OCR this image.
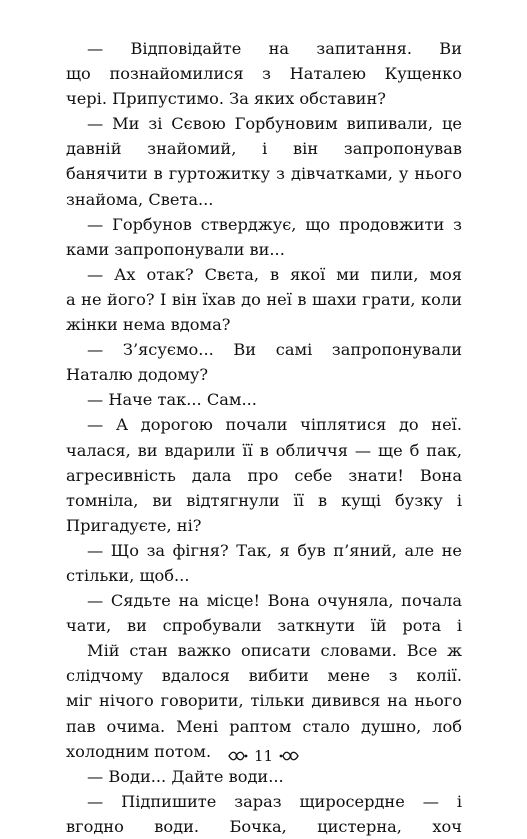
— Відповідайте на запитання. Ви
що познайомилися з Наталею Кущенко
чері. Припустимо. За яких обставин?
— Ми зі Сєвою Горбуновим випивали, це
давній знайомий, і він запропонував
банячити в гуртожитку з дівчатками, у нього
знайома, Света...
— Горбунов стверджує, що продовжити з
ками запропонували ви...
— Ах отак? Свєта, в якої ми пили, моя
а не його? І він їхав до неї в шахи грати, коли
жінки нема вдома?
— З’ясуємо... Ви самі запропонували
Наталю додому?
— Наче так... Сам...
— А дорогою почали чіплятися до неї.
чалася, ви вдарили її в обличчя — ще б пак,
агресивність дала про себе знати! Вона
томніла, ви відтягнули її в кущі бузку і
Пригадуєте, ні?
— Що за фігня? Так, я був п’яний, але не
стільки, щоб...
— Сядьте на місце! Вона очуняла, почала
чати, ви спробували заткнути їй рота і
Мій стан важко описати словами. Все ж
слідчому вдалося вибити мене з колії.
міг нічого говорити, тільки дивився на нього
пав очима. Мені раптом стало душно, лоб
холодним потом.
— Води... Дайте води...
— Підпишите зараз щиросердне — і
вгодно води. Бочка, цистерна, хоч
11
